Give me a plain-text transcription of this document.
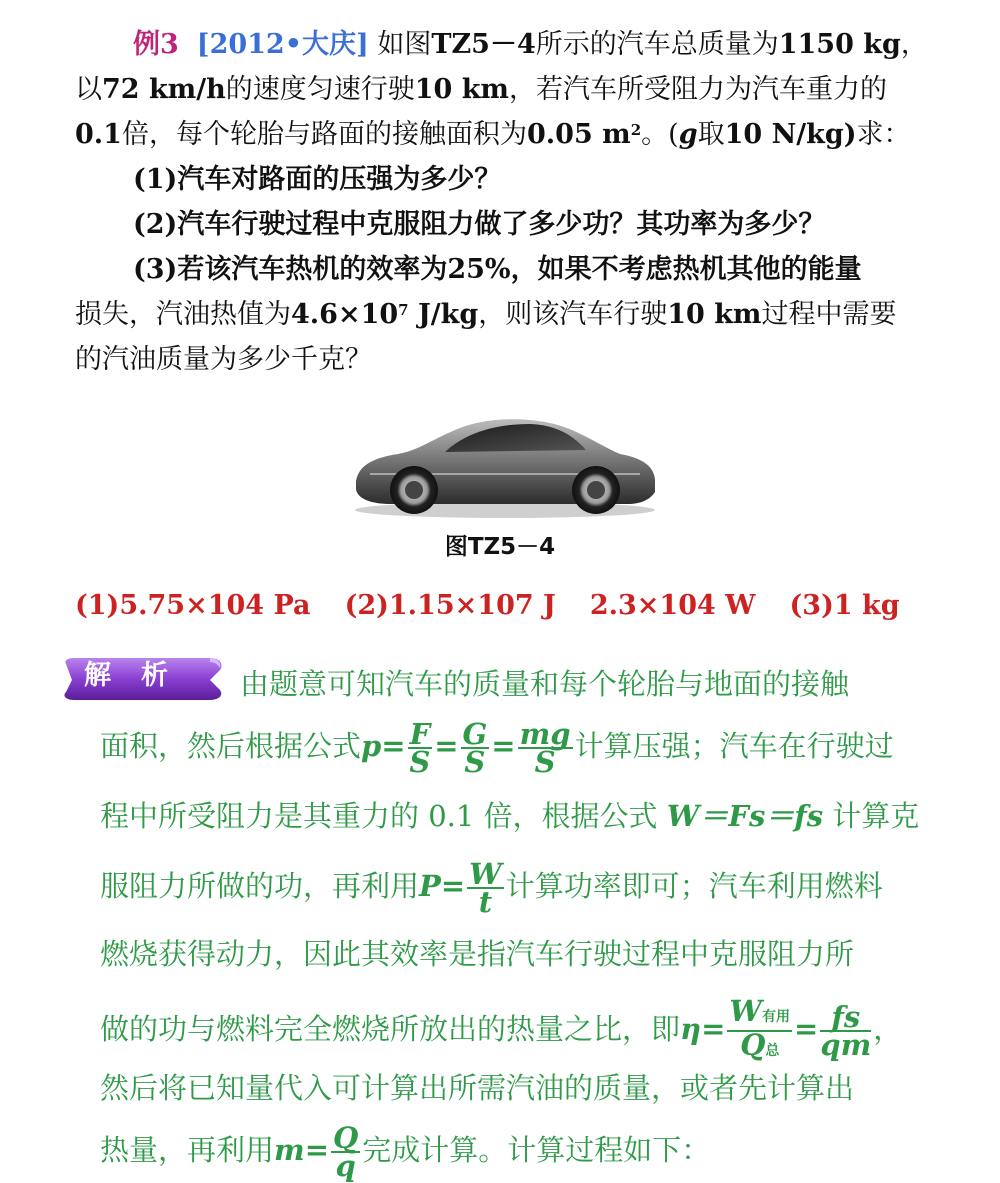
例3 [2012•大庆] 如图TZ5－4所示的汽车总质量为1150 kg，
以72 km/h的速度匀速行驶10 km，若汽车所受阻力为汽车重力的
0.1倍，每个轮胎与路面的接触面积为0.05 $m^2$。(g取10 N/kg)求：
(1)汽车对路面的压强为多少？
(2)汽车行驶过程中克服阻力做了多少功？其功率为多少？
(3)若该汽车热机的效率为25%，如果不考虑热机其他的能量
损失，汽油热值为$4.6\times 10^7$ J/kg，则该汽车行驶10 km过程中需要
的汽油质量为多少千克？
图TZ5－4
(1)5.75×104 Pa (2)1.15×107 J 2.3×104 W (3)1 kg
解析 由题意可知汽车的质量和每个轮胎与地面的接触
面积，然后根据公式$p= \frac{F}{S} = \frac{G}{S} = \frac{mg}{S}$ 计算压强；汽车在行驶过
程中所受阻力是其重力的 0.1 倍，根据公式 W＝Fs＝fs 计算克
服阻力所做的功，再利用$P= \frac{W}{t}$ 计算功率即可；汽车利用燃料
燃烧获得动力，因此其效率是指汽车行驶过程中克服阻力所
做的功与燃料完全燃烧所放出的热量之比，即$\eta= \frac{\text{W有用}}{\text{Q总}} = \frac{fs}{qm}$ ，
然后将已知量代入可计算出所需汽油的质量，或者先计算出
热量，再利用$m= \frac{Q}{q}$ 完成计算。计算过程如下：
